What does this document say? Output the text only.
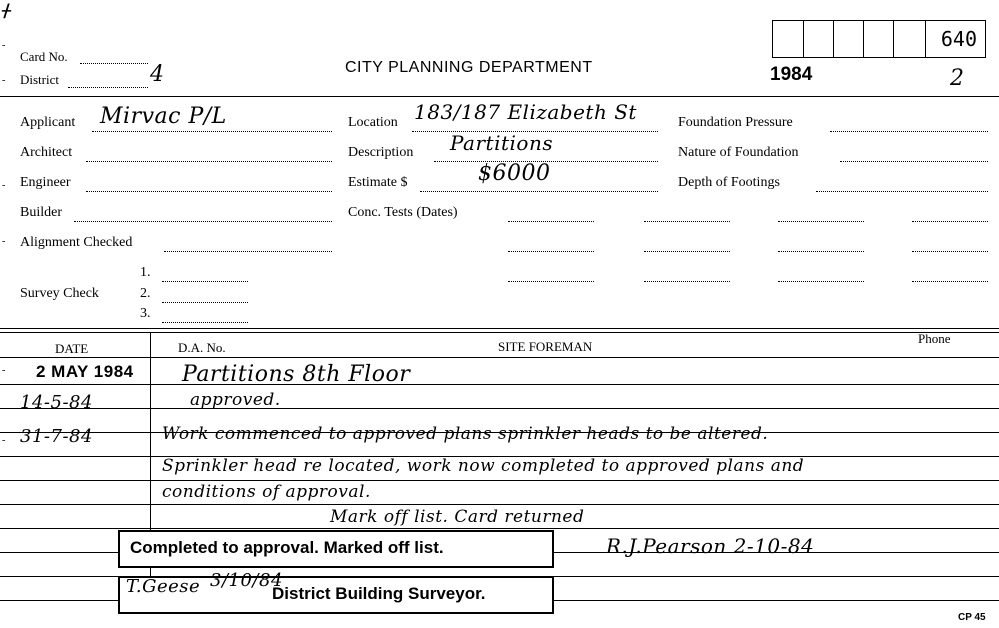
ᚋ
Card No.
District	4	CITY PLANNING DEPARTMENT	1984
640
2
Applicant Mirvac P/L
Architect
Engineer
Builder
Alignment Checked
1.
Survey Check	2.
3.
Location 183/187 Elizabeth St
Description Partitions
Estimate $	$6000
Conc. Tests (Dates)
Foundation Pressure
Nature of Foundation
Depth of Footings
DATE	D.A. No.	SITE FOREMAN
Phone
2 MAY 1984 Partitions 8th Floor
14-5-84	approved.
31-7-84	Work commenced to approved plans sprinkler heads to be altered.
Sprinkler head re located, work now completed to approved plans and
conditions of approval.
Mark off list. Card returned
R.J.Pearson 2-10-84
Completed to approval. Marked off list.
District Building Surveyor.
T.Geese 3/10/84
CP 45
‑
‑
‑
‑
‑
‑
